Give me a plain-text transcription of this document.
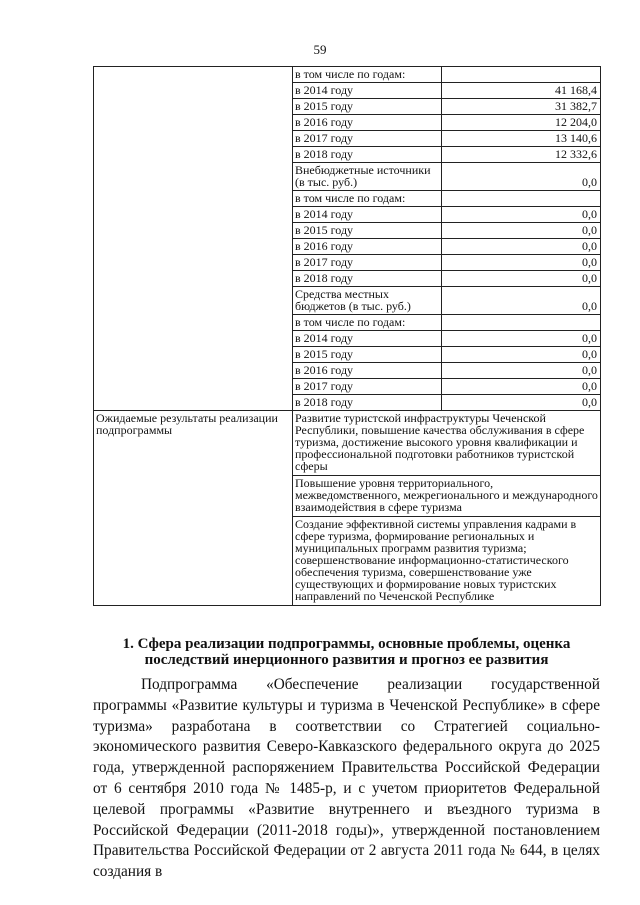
59
	в том числе по годам:	
	в 2014 году	41 168,4
	в 2015 году	31 382,7
	в 2016 году	12 204,0
	в 2017 году	13 140,6
	в 2018 году	12 332,6
	Внебюджетные источники (в тыс. руб.)	0,0
	в том числе по годам:	
	в 2014 году	0,0
	в 2015 году	0,0
	в 2016 году	0,0
	в 2017 году	0,0
	в 2018 году	0,0
	Средства местных бюджетов (в тыс. руб.)	0,0
	в том числе по годам:	
	в 2014 году	0,0
	в 2015 году	0,0
	в 2016 году	0,0
	в 2017 году	0,0
	в 2018 году	0,0
Ожидаемые результаты реализации подпрограммы	Развитие туристской инфраструктуры Чеченской Республики, повышение качества обслуживания в сфере туризма, достижение высокого уровня квалификации и профессиональной подготовки работников туристской сферы	
	Повышение уровня территориального, межведомственного, межрегионального и международного взаимодействия в сфере туризма	
	Создание эффективной системы управления кадрами в сфере туризма, формирование региональных и муниципальных программ развития туризма; совершенствование информационно-статистического обеспечения туризма, совершенствование уже существующих и формирование новых туристских направлений по Чеченской Республике	
1. Сфера реализации подпрограммы, основные проблемы, оценка последствий инерционного развития и прогноз ее развития

Подпрограмма «Обеспечение реализации государственной программы «Развитие культуры и туризма в Чеченской Республике» в сфере туризма» разработана в соответствии со Стратегией социально-экономического развития Северо-Кавказского федерального округа до 2025 года, утвержденной распоряжением Правительства Российской Федерации от 6 сентября 2010 года № 1485-р, и с учетом приоритетов Федеральной целевой программы «Развитие внутреннего и въездного туризма в Российской Федерации (2011-2018 годы)», утвержденной постановлением Правительства Российской Федерации от 2 августа 2011 года № 644, в целях создания в
